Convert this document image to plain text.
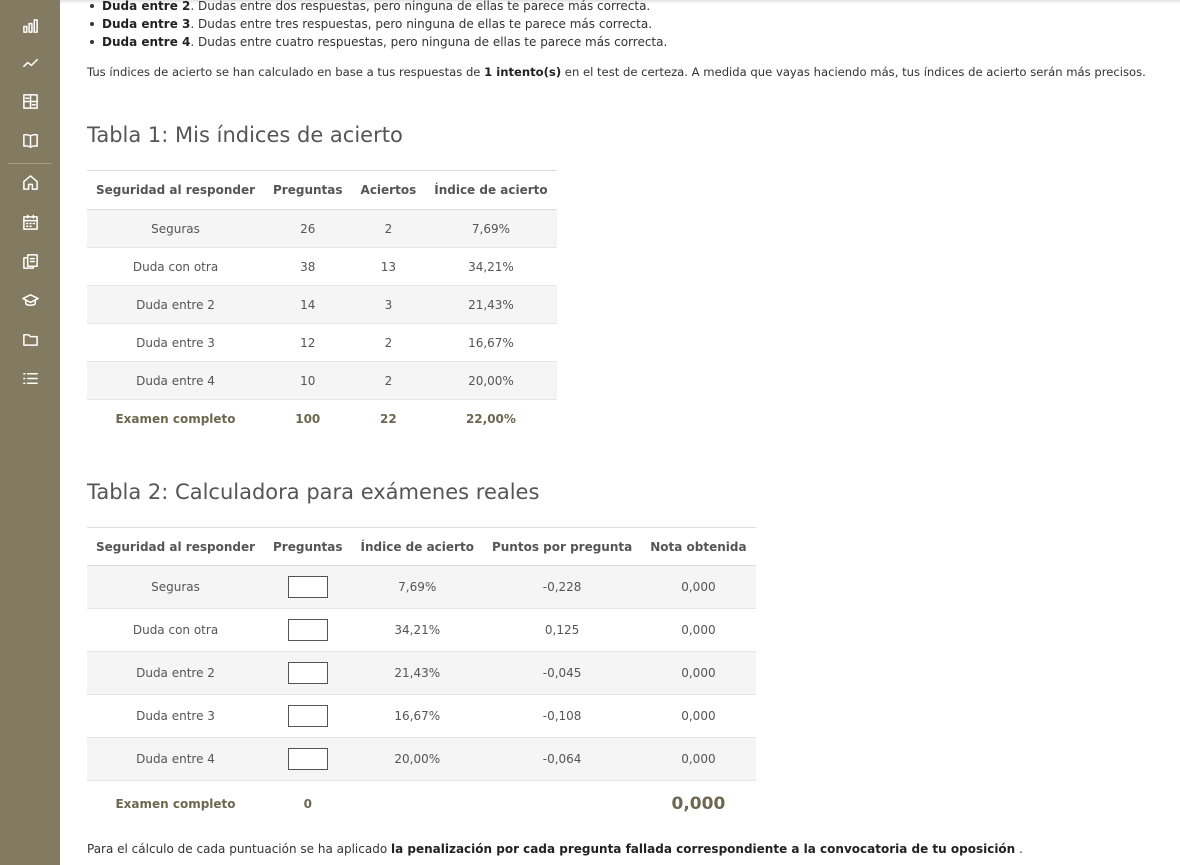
Duda entre 2. Dudas entre dos respuestas, pero ninguna de ellas te parece más correcta.
Duda entre 3. Dudas entre tres respuestas, pero ninguna de ellas te parece más correcta.
Duda entre 4. Dudas entre cuatro respuestas, pero ninguna de ellas te parece más correcta.

Tus índices de acierto se han calculado en base a tus respuestas de 1 intento(s) en el test de certeza. A medida que vayas haciendo más, tus índices de acierto serán más precisos.

Tabla 1: Mis índices de acierto
Seguridad al responder	Preguntas	Aciertos	Índice de acierto
Seguras	26	2	7,69%
Duda con otra	38	13	34,21%
Duda entre 2	14	3	21,43%
Duda entre 3	12	2	16,67%
Duda entre 4	10	2	20,00%
Examen completo	100	22	22,00%
Tabla 2: Calculadora para exámenes reales
Seguridad al responder	Preguntas	Índice de acierto	Puntos por pregunta	Nota obtenida
Seguras		7,69%	-0,228	0,000
Duda con otra		34,21%	0,125	0,000
Duda entre 2		21,43%	-0,045	0,000
Duda entre 3		16,67%	-0,108	0,000
Duda entre 4		20,00%	-0,064	0,000
Examen completo	0			0,000

Para el cálculo de cada puntuación se ha aplicado la penalización por cada pregunta fallada correspondiente a la convocatoria de tu oposición .
